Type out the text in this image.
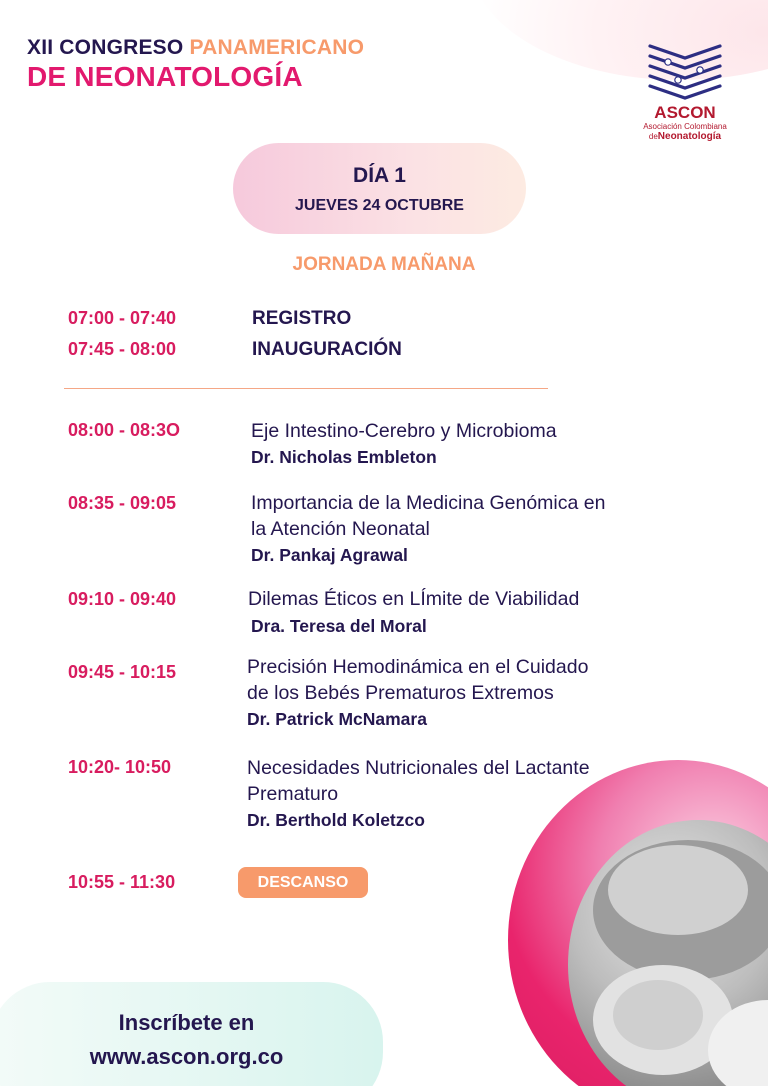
XII CONGRESO PANAMERICANO
DE NEONATOLOGÍA
ASCON
Asociación Colombiana
deNeonatología
DÍA 1
JUEVES 24 OCTUBRE
JORNADA MAÑANA
07:00 - 07:40	REGISTRO
07:45 - 08:00	INAUGURACIÓN
08:00 - 08:3O	Eje Intestino-Cerebro y Microbioma
Dr. Nicholas Embleton
08:35 - 09:05	Importancia de la Medicina Genómica en
la Atención Neonatal
Dr. Pankaj Agrawal
09:10 - 09:40	Dilemas Éticos en LÍmite de Viabilidad
Dra. Teresa del Moral
09:45 - 10:15	Precisión Hemodinámica en el Cuidado
de los Bebés Prematuros Extremos
Dr. Patrick McNamara
10:20- 10:50	Necesidades Nutricionales del Lactante
Prematuro
Dr. Berthold Koletzco
10:55 - 11:30	DESCANSO
Inscríbete en
www.ascon.org.co
